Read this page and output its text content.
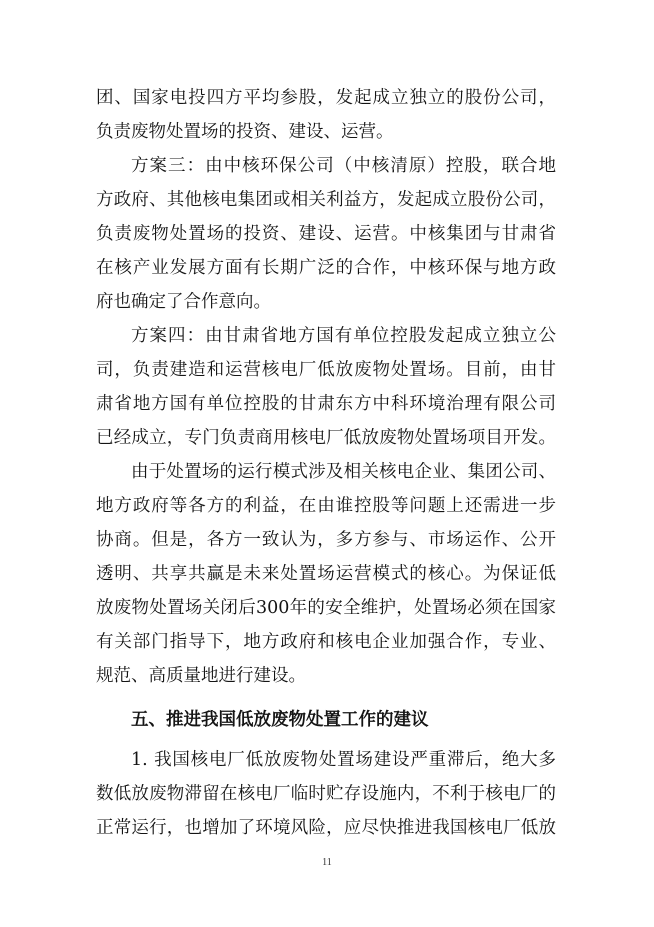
团、国家电投四方平均参股，发起成立独立的股份公司，
负责废物处置场的投资、建设、运营。
方案三：由中核环保公司（中核清原）控股，联合地
方政府、其他核电集团或相关利益方，发起成立股份公司，
负责废物处置场的投资、建设、运营。中核集团与甘肃省
在核产业发展方面有长期广泛的合作，中核环保与地方政
府也确定了合作意向。
方案四：由甘肃省地方国有单位控股发起成立独立公
司，负责建造和运营核电厂低放废物处置场。目前，由甘
肃省地方国有单位控股的甘肃东方中科环境治理有限公司
已经成立，专门负责商用核电厂低放废物处置场项目开发。
由于处置场的运行模式涉及相关核电企业、集团公司、
地方政府等各方的利益，在由谁控股等问题上还需进一步
协商。但是，各方一致认为，多方参与、市场运作、公开
透明、共享共赢是未来处置场运营模式的核心。为保证低
放废物处置场关闭后300年的安全维护，处置场必须在国家
有关部门指导下，地方政府和核电企业加强合作，专业、
规范、高质量地进行建设。
五、推进我国低放废物处置工作的建议
1. 我国核电厂低放废物处置场建设严重滞后，绝大多
数低放废物滞留在核电厂临时贮存设施内，不利于核电厂的
正常运行，也增加了环境风险，应尽快推进我国核电厂低放
11
